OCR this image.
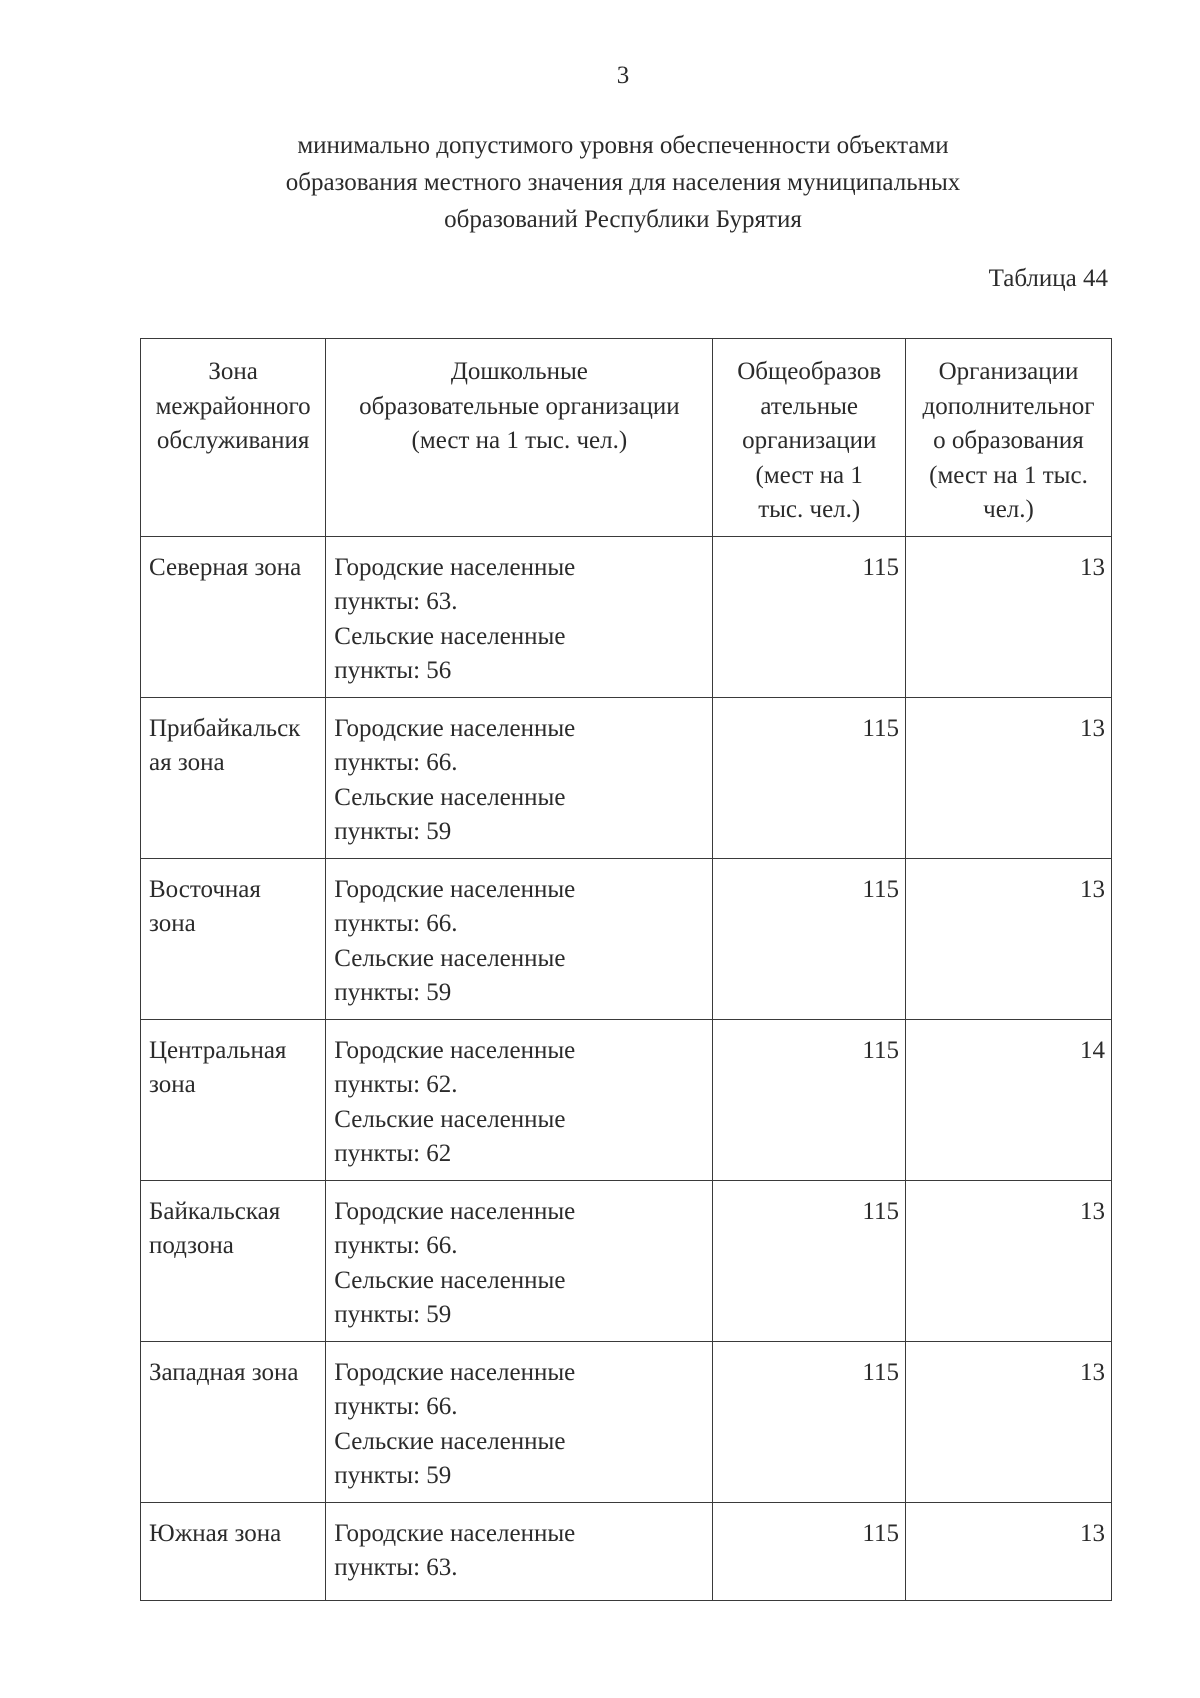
3
минимально допустимого уровня обеспеченности объектами
образования местного значения для населения муниципальных
образований Республики Бурятия
Таблица 44
Зона
межрайонного
обслуживания	Дошкольные
образовательные организации
(мест на 1 тыс. чел.)	Общеобразов
ательные
организации
(мест на 1
тыс. чел.)	Организации
дополнительног
о образования
(мест на 1 тыс.
чел.)

Северная зона	Городские населенные
пункты: 63.
Сельские населенные
пункты: 56	115	13

Прибайкальск
ая зона	Городские населенные
пункты: 66.
Сельские населенные
пункты: 59	115	13

Восточная
зона	Городские населенные
пункты: 66.
Сельские населенные
пункты: 59	115	13

Центральная
зона	Городские населенные
пункты: 62.
Сельские населенные
пункты: 62	115	14

Байкальская
подзона	Городские населенные
пункты: 66.
Сельские населенные
пункты: 59	115	13

Западная зона	Городские населенные
пункты: 66.
Сельские населенные
пункты: 59	115	13

Южная зона	Городские населенные
пункты: 63.	115	13
